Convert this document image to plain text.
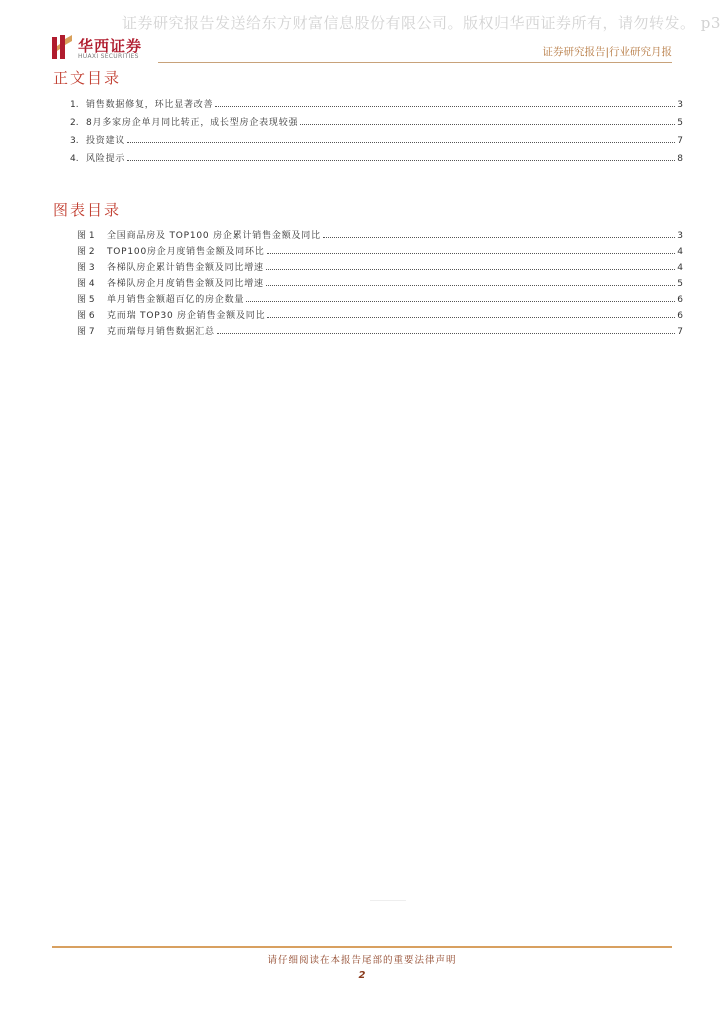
证券研究报告发送给东方财富信息股份有限公司。版权归华西证券所有，请勿转发。 p3
华西证券
HUAXI SECURITIES	证券研究报告|行业研究月报
正文目录
1. 销售数据修复，环比显著改善	3
2. 8月多家房企单月同比转正，成长型房企表现较强	5
3. 投资建议	7
4. 风险提示	8
图表目录
图 1	全国商品房及 TOP100 房企累计销售金额及同比	3
图 2	TOP100房企月度销售金额及同环比	4
图 3	各梯队房企累计销售金额及同比增速	4
图 4	各梯队房企月度销售金额及同比增速	5
图 5	单月销售金额超百亿的房企数量	6
图 6	克而瑞 TOP30 房企销售金额及同比	6
图 7	克而瑞每月销售数据汇总	7
请仔细阅读在本报告尾部的重要法律声明
2
